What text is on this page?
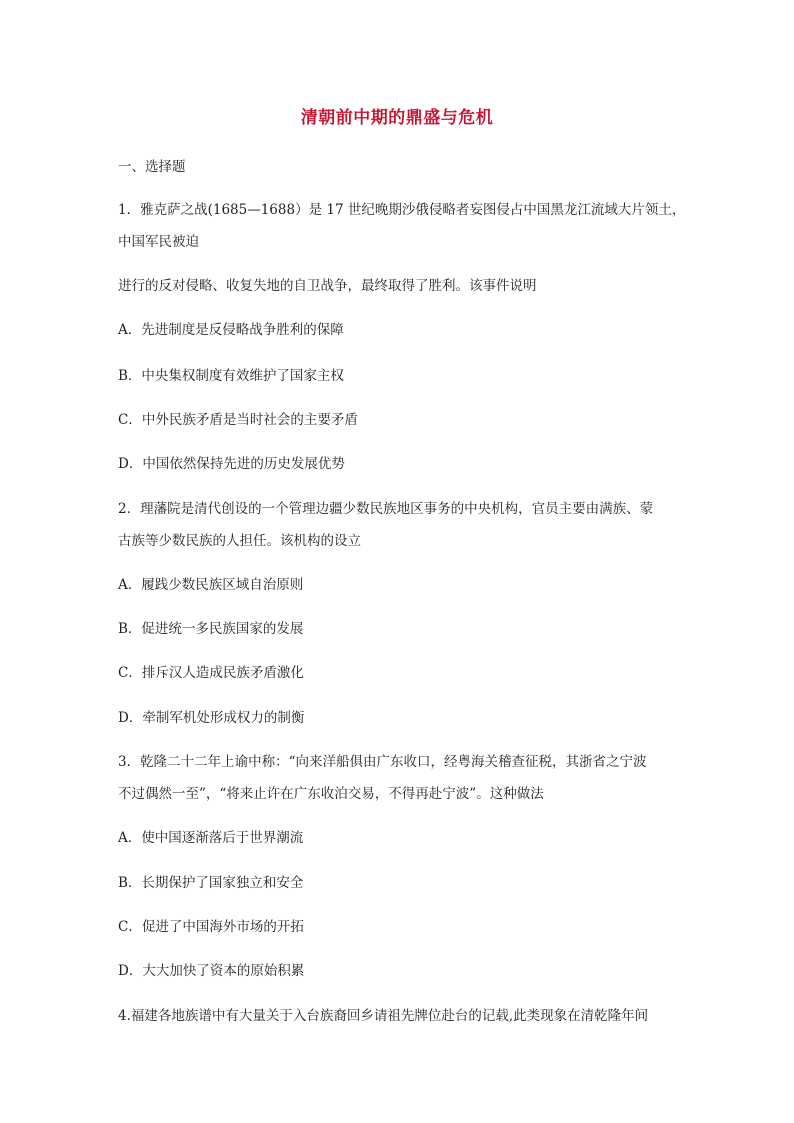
清朝前中期的鼎盛与危机
一、选择题
1．雅克萨之战(1685—1688）是 17 世纪晚期沙俄侵略者妄图侵占中国黑龙江流域大片领土，
中国军民被迫
进行的反对侵略、收复失地的自卫战争，最终取得了胜利。该事件说明
A．先进制度是反侵略战争胜利的保障
B．中央集权制度有效维护了国家主权
C．中外民族矛盾是当时社会的主要矛盾
D．中国依然保持先进的历史发展优势
2．理藩院是清代创设的一个管理边疆少数民族地区事务的中央机构，官员主要由满族、蒙
古族等少数民族的人担任。该机构的设立
A．履践少数民族区域自治原则
B．促进统一多民族国家的发展
C．排斥汉人造成民族矛盾激化
D．牵制军机处形成权力的制衡
3．乾隆二十二年上谕中称：“向来洋船俱由广东收口，经粤海关稽查征税，其浙省之宁波
不过偶然一至”，“将来止许在广东收泊交易，不得再赴宁波”。这种做法
A．使中国逐渐落后于世界潮流
B．长期保护了国家独立和安全
C．促进了中国海外市场的开拓
D．大大加快了资本的原始积累
4.福建各地族谱中有大量关于入台族裔回乡请祖先牌位赴台的记载,此类现象在清乾隆年间
